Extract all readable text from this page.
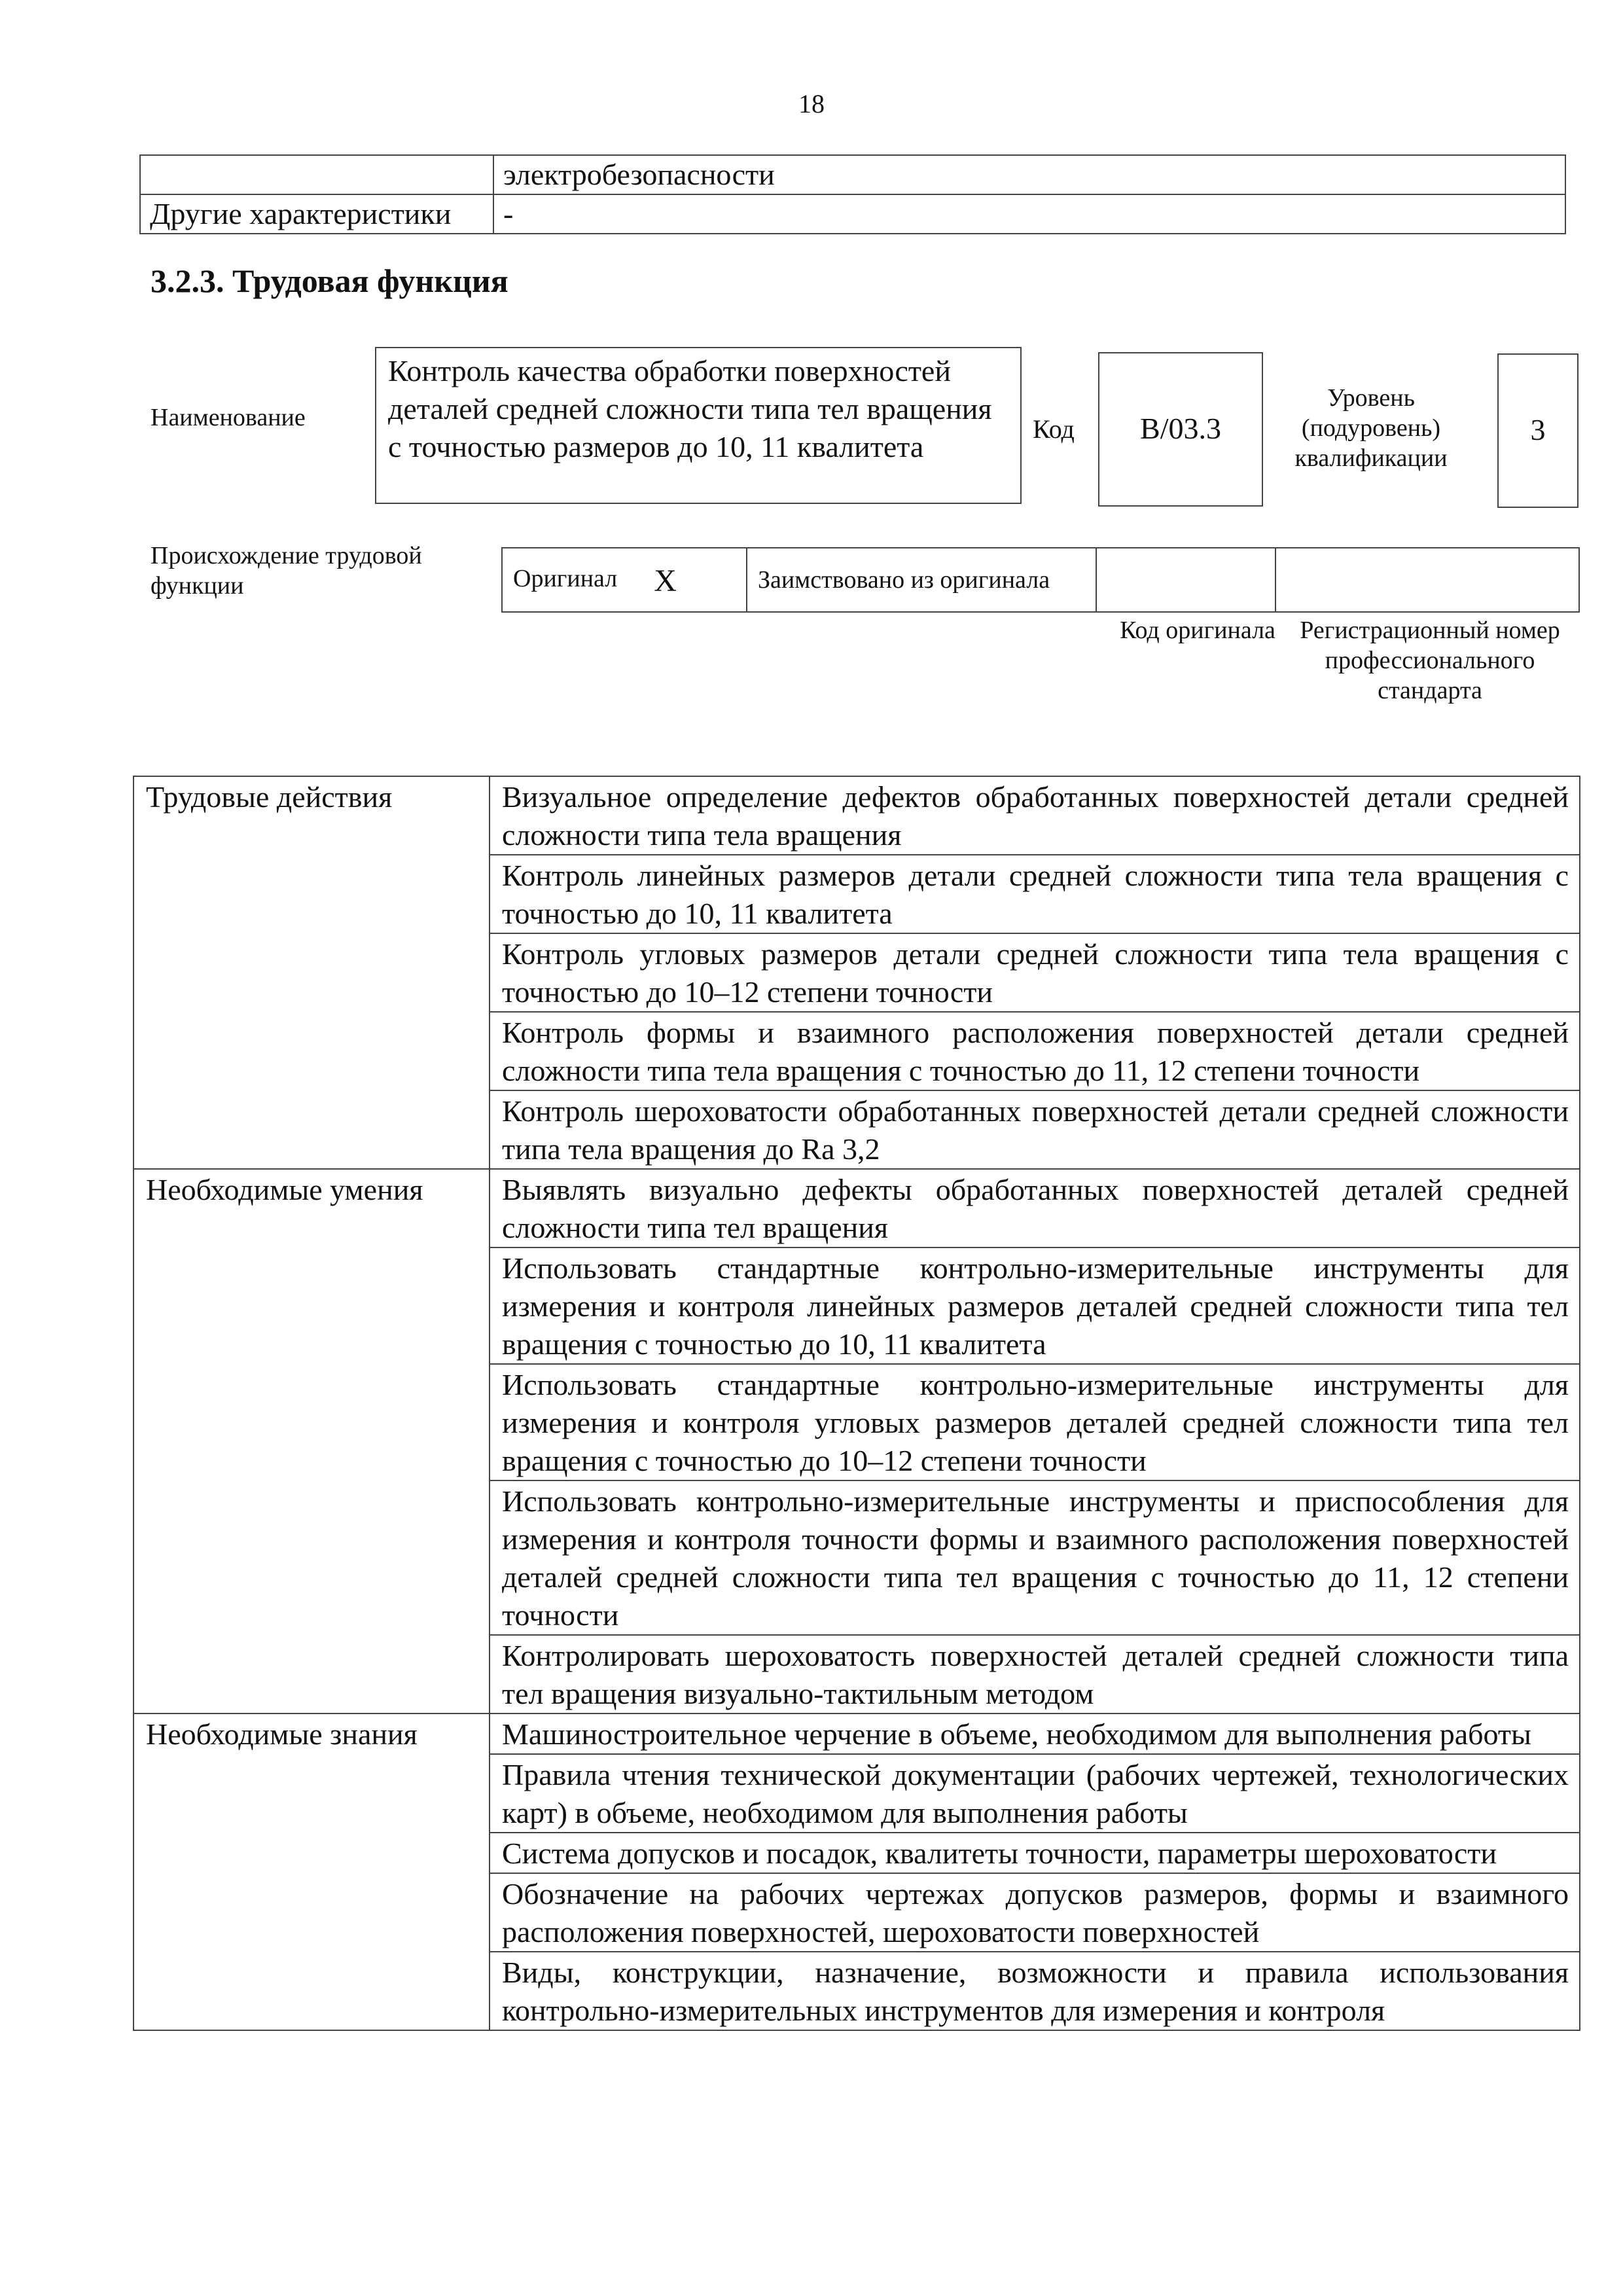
18
	электробезопасности
Другие характеристики	-
3.2.3. Трудовая функция
Наименование
Контроль качества обработки поверхностей деталей средней сложности типа тел вращения с точностью размеров до 10, 11 квалитета
Код	B/03.3
Уровень (подуровень) квалификации
3
Происхождение трудовой функции	Оригинал X	Заимствовано из оригинала		
Код оригинала Регистрационный номер профессионального стандарта
Трудовые действия	Визуальное определение дефектов обработанных поверхностей детали средней сложности типа тела вращения
	Контроль линейных размеров детали средней сложности типа тела вращения с точностью до 10, 11 квалитета
	Контроль угловых размеров детали средней сложности типа тела вращения с точностью до 10–12 степени точности
	Контроль формы и взаимного расположения поверхностей детали средней сложности типа тела вращения с точностью до 11, 12 степени точности
	Контроль шероховатости обработанных поверхностей детали средней сложности типа тела вращения до Ra 3,2
Необходимые умения	Выявлять визуально дефекты обработанных поверхностей деталей средней сложности типа тел вращения
	Использовать стандартные контрольно-измерительные инструменты для измерения и контроля линейных размеров деталей средней сложности типа тел вращения с точностью до 10, 11 квалитета
	Использовать стандартные контрольно-измерительные инструменты для измерения и контроля угловых размеров деталей средней сложности типа тел вращения с точностью до 10–12 степени точности
	Использовать контрольно-измерительные инструменты и приспособления для измерения и контроля точности формы и взаимного расположения поверхностей деталей средней сложности типа тел вращения с точностью до 11, 12 степени точности
	Контролировать шероховатость поверхностей деталей средней сложности типа тел вращения визуально-тактильным методом
Необходимые знания	Машиностроительное черчение в объеме, необходимом для выполнения работы
	Правила чтения технической документации (рабочих чертежей, технологических карт) в объеме, необходимом для выполнения работы
	Система допусков и посадок, квалитеты точности, параметры шероховатости
	Обозначение на рабочих чертежах допусков размеров, формы и взаимного расположения поверхностей, шероховатости поверхностей
	Виды, конструкции, назначение, возможности и правила использования контрольно-измерительных инструментов для измерения и контроля
